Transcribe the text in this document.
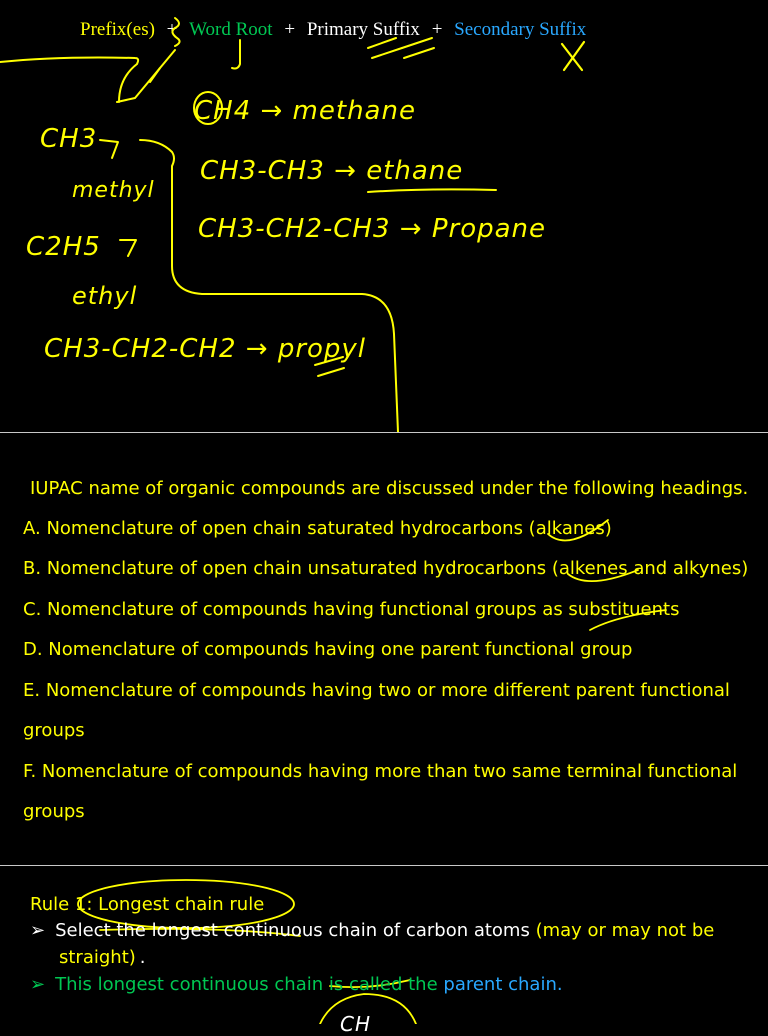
Prefix(es) + Word Root + Primary Suffix + Secondary Suffix
CH4 → methane
CH3-CH3 → ethane
CH3-CH2-CH3 → Propane
CH3
methyl
C2H5
ethyl
CH3-CH2-CH2 → propyl
IUPAC name of organic compounds are discussed under the following headings.
A. Nomenclature of open chain saturated hydrocarbons (alkanes)
B. Nomenclature of open chain unsaturated hydrocarbons (alkenes and alkynes)
C. Nomenclature of compounds having functional groups as substituents
D. Nomenclature of compounds having one parent functional group
E. Nomenclature of compounds having two or more different parent functional
groups
F. Nomenclature of compounds having more than two same terminal functional
groups
Rule 1: Longest chain rule
➢ Select the longest continuous chain of carbon atoms (may or may not be
straight) .
➢ This longest continuous chain is called the parent chain.
CH
